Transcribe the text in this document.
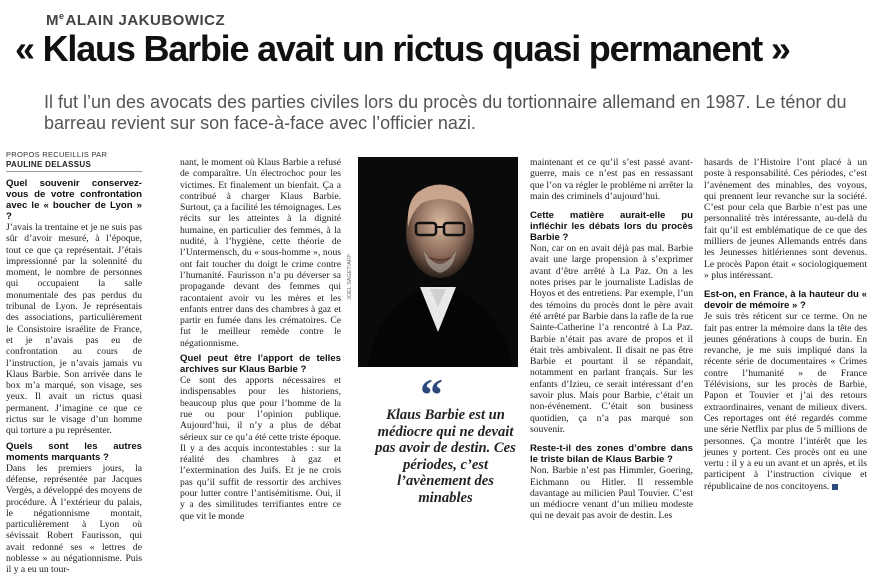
MeALAIN JAKUBOWICZ
« Klaus Barbie avait un rictus quasi permanent »
Il fut l’un des avocats des parties civiles lors du procès du tortionnaire allemand en 1987. Le ténor du barreau revient sur son face-à-face avec l’officier nazi.
PROPOS RECUEILLIS PAR
PAULINE DELASSUS

Quel souvenir conservez-vous de votre confrontation avec le « boucher de Lyon » ?

J’avais la trentaine et je ne suis pas sûr d’avoir mesuré, à l’époque, tout ce que ça représentait. J’étais impressionné par la solennité du moment, le nombre de personnes qui occupaient la salle monumentale des pas perdus du tribunal de Lyon. Je représentais des associations, particulièrement le Consistoire israélite de France, et je n’avais pas eu de confrontation au cours de l’instruction, je n’avais jamais vu Klaus Barbie. Son arrivée dans le box m’a marqué, son visage, ses yeux. Il avait un rictus quasi permanent. J’imagine ce que ce rictus sur le visage d’un homme qui torture a pu représenter.

Quels sont les autres moments marquants ?

Dans les premiers jours, la défense, représentée par Jacques Vergès, a développé des moyens de procédure. À l’extérieur du palais, le négationnisme montait, particulièrement à Lyon où sévissait Robert Faurisson, qui avait redonné ses « lettres de noblesse » au négationnisme. Puis il y a eu un tour-

nant, le moment où Klaus Barbie a refusé de comparaître. Un électrochoc pour les victimes. Et finalement un bienfait. Ça a contribué à charger Klaus Barbie. Surtout, ça a facilité les témoignages. Les récits sur les atteintes à la dignité humaine, en particulier des femmes, à la nudité, à l’hygiène, cette théorie de l’Untermensch, du « sous-homme », nous ont fait toucher du doigt le crime contre l’humanité. Faurisson n’a pu déverser sa propagande devant des femmes qui racontaient avoir vu les mères et les enfants entrer dans des chambres à gaz et partir en fumée dans les crématoires. Ce fut le meilleur remède contre le négationnisme.

Quel peut être l’apport de telles archives sur Klaus Barbie ?

Ce sont des apports nécessaires et indispensables pour les historiens, beaucoup plus que pour l’homme de la rue ou pour l’opinion publique. Aujourd’hui, il n’y a plus de débat sérieux sur ce qu’a été cette triste époque. Il y a des acquis incontestables : sur la réalité des chambres à gaz et l’extermination des Juifs. Et je ne crois pas qu’il suffit de ressortir des archives pour lutter contre l’antisémitisme. Oui, il y a des similitudes terrifiantes entre ce que vit le monde

JOEL SAGET/AFP
“
Klaus Barbie est un médiocre qui ne devait pas avoir de destin. Ces périodes, c’est l’avènement des minables

maintenant et ce qu’il s’est passé avant-guerre, mais ce n’est pas en ressassant que l’on va régler le problème ni arrêter la main des criminels d’aujourd’hui.

Cette matière aurait-elle pu infléchir les débats lors du procès Barbie ?

Non, car on en avait déjà pas mal. Barbie avait une large propension à s’exprimer avant d’être arrêté à La Paz. On a les notes prises par le journaliste Ladislas de Hoyos et des entretiens. Par exemple, l’un des témoins du procès dont le père avait été arrêté par Barbie dans la rafle de la rue Sainte-Catherine l’a rencontré à La Paz. Barbie n’était pas avare de propos et il était très ambivalent. Il disait ne pas être Barbie et pourtant il se répandait, notamment en parlant français. Sur les enfants d’Izieu, ce serait intéressant d’en savoir plus. Mais pour Barbie, c’était un non-événement. C’était son business quotidien, ça n’a pas marqué son souvenir.

Reste-t-il des zones d’ombre dans le triste bilan de Klaus Barbie ?

Non. Barbie n’est pas Himmler, Goering, Eichmann ou Hitler. Il ressemble davantage au milicien Paul Touvier. C’est un médiocre venant d’un milieu modeste qui ne devait pas avoir de destin. Les

hasards de l’Histoire l’ont placé à un poste à responsabilité. Ces périodes, c’est l’avènement des minables, des voyous, qui prennent leur revanche sur la société. C’est pour cela que Barbie n’est pas une personnalité très intéressante, au-delà du fait qu’il est emblématique de ce que des milliers de jeunes Allemands entrés dans les Jeunesses hitlériennes sont devenus. Le procès Papon était « sociologiquement » plus intéressant.

Est-on, en France, à la hauteur du « devoir de mémoire » ?

Je suis très réticent sur ce terme. On ne fait pas entrer la mémoire dans la tête des jeunes générations à coups de burin. En revanche, je me suis impliqué dans la récente série de documentaires « Crimes contre l’humanité » de France Télévisions, sur les procès de Barbie, Papon et Touvier et j’ai des retours extraordinaires, venant de milieux divers. Ces reportages ont été regardés comme une série Netflix par plus de 5 millions de personnes. Ça montre l’intérêt que les jeunes y portent. Ces procès ont eu une vertu : il y a eu un avant et un après, et ils participent à l’instruction civique et républicaine de nos concitoyens.
